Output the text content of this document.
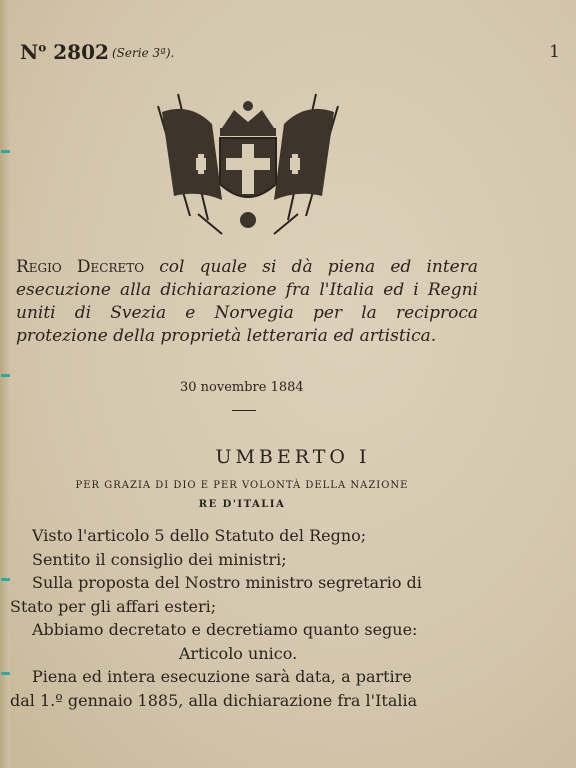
$N^o$ 2802 (Serie 3ª).	1
Regio Decreto col quale si dà piena ed intera esecuzione alla dichiarazione fra l'Italia ed i Regni uniti di Svezia e Norvegia per la reciproca protezione della proprietà letteraria ed artistica.
30 novembre 1884
UMBERTO I
PER GRAZIA DI DIO E PER VOLONTÀ DELLA NAZIONE
RE D'ITALIA

Visto l'articolo 5 dello Statuto del Regno;

Sentito il consiglio dei ministri;

Sulla proposta del Nostro ministro segretario di

Stato per gli affari esteri;

Abbiamo decretato e decretiamo quanto segue:

Articolo unico.

Piena ed intera esecuzione sarà data, a partire

dal 1.º gennaio 1885, alla dichiarazione fra l'Italia
